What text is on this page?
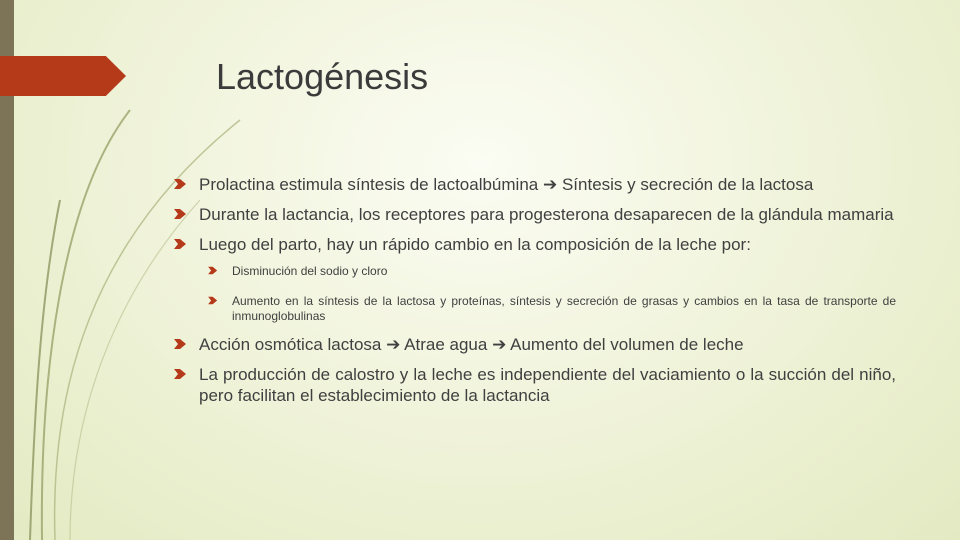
Lactogénesis
Prolactina estimula síntesis de lactoalbúmina ➔ Síntesis y secreción de la lactosa
Durante la lactancia, los receptores para progesterona desaparecen de la glándula mamaria
Luego del parto, hay un rápido cambio en la composición de la leche por:
Disminución del sodio y cloro
Aumento en la síntesis de la lactosa y proteínas, síntesis y secreción de grasas y cambios en la tasa de transporte de inmunoglobulinas
Acción osmótica lactosa ➔ Atrae agua ➔ Aumento del volumen de leche
La producción de calostro y la leche es independiente del vaciamiento o la succión del niño, pero facilitan el establecimiento de la lactancia
